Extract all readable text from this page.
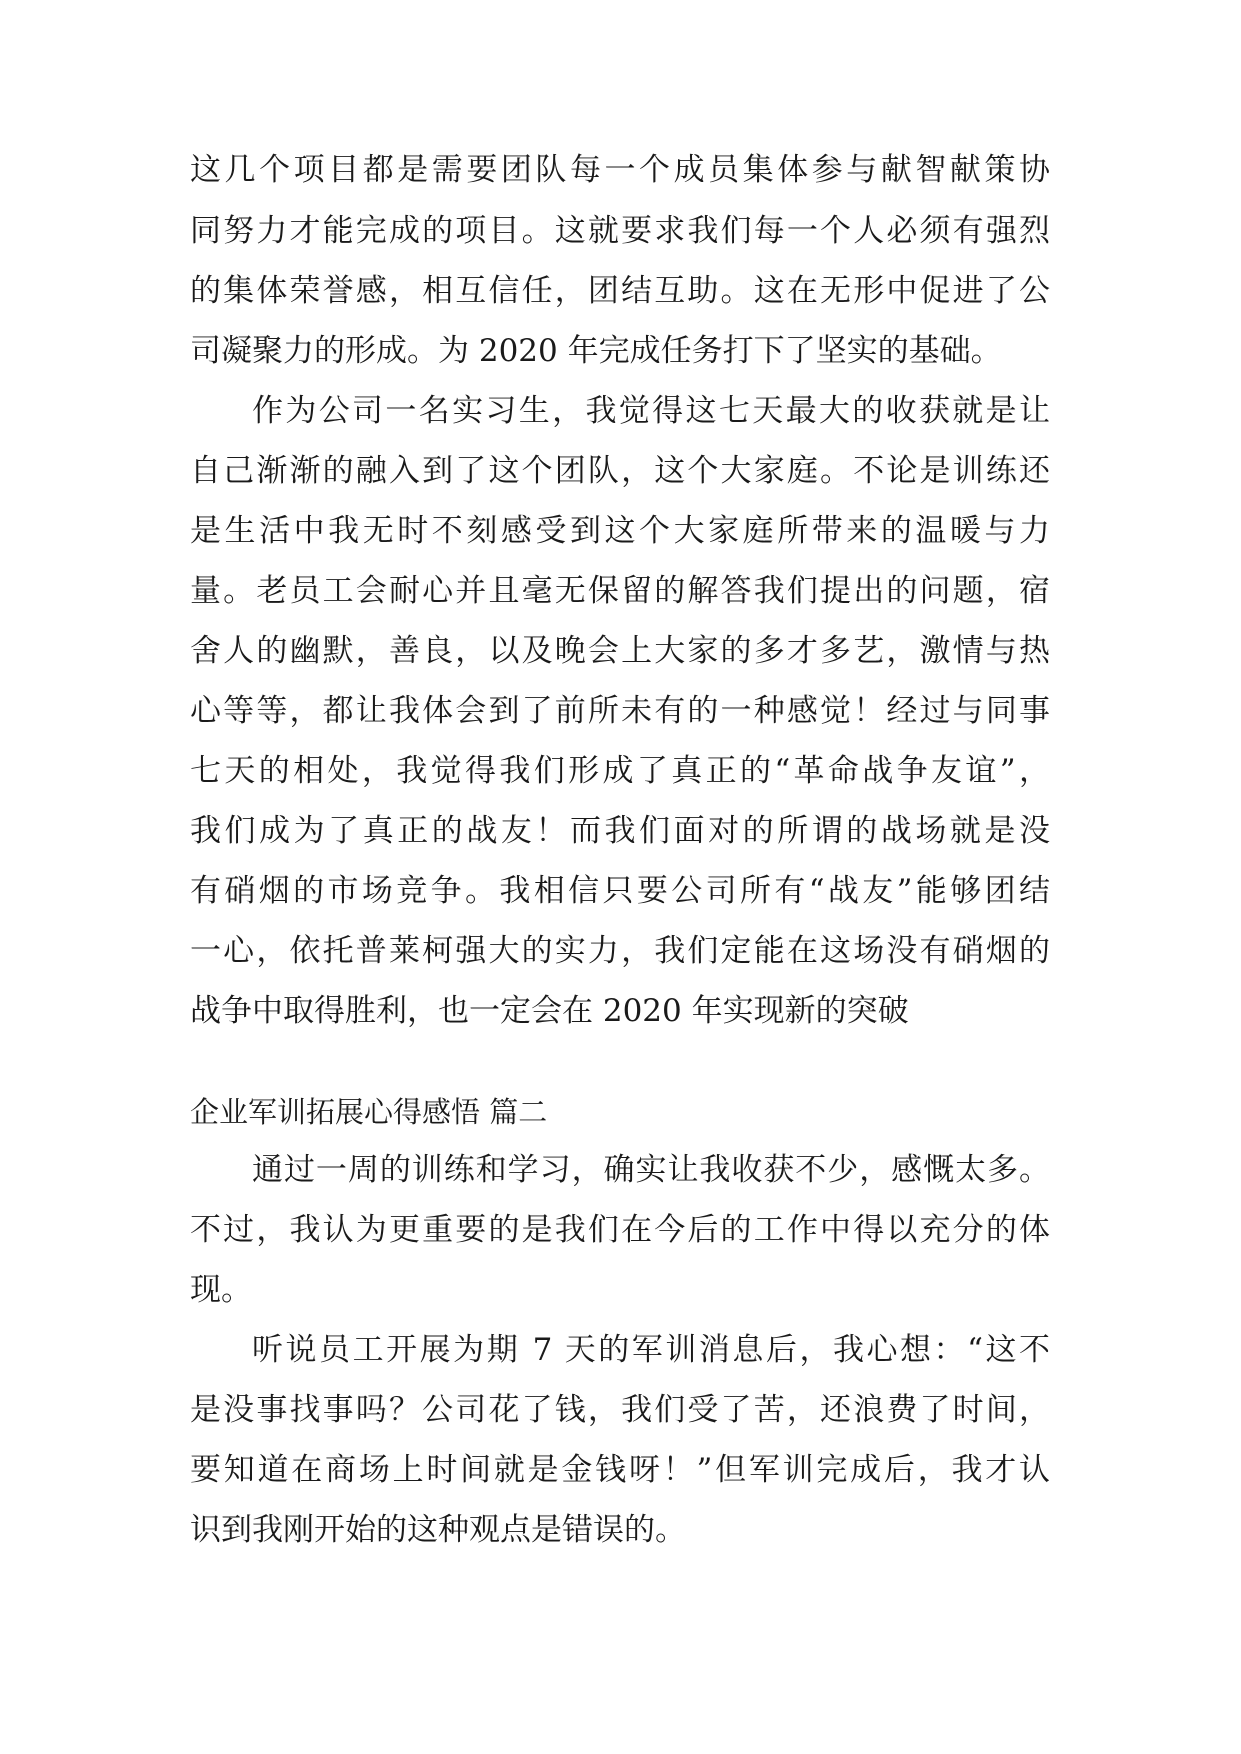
这几个项目都是需要团队每一个成员集体参与献智献策协
同努力才能完成的项目。这就要求我们每一个人必须有强烈
的集体荣誉感，相互信任，团结互助。这在无形中促进了公
司凝聚力的形成。为 2020 年完成任务打下了坚实的基础。
作为公司一名实习生，我觉得这七天最大的收获就是让
自己渐渐的融入到了这个团队，这个大家庭。不论是训练还
是生活中我无时不刻感受到这个大家庭所带来的温暖与力
量。老员工会耐心并且毫无保留的解答我们提出的问题，宿
舍人的幽默，善良，以及晚会上大家的多才多艺，激情与热
心等等，都让我体会到了前所未有的一种感觉！经过与同事
七天的相处，我觉得我们形成了真正的“革命战争友谊”，
我们成为了真正的战友！而我们面对的所谓的战场就是没
有硝烟的市场竞争。我相信只要公司所有“战友”能够团结
一心，依托普莱柯强大的实力，我们定能在这场没有硝烟的
战争中取得胜利，也一定会在 2020 年实现新的突破
企业军训拓展心得感悟 篇二
通过一周的训练和学习，确实让我收获不少，感慨太多。
不过，我认为更重要的是我们在今后的工作中得以充分的体
现。
听说员工开展为期 7 天的军训消息后，我心想：“这不
是没事找事吗？公司花了钱，我们受了苦，还浪费了时间，
要知道在商场上时间就是金钱呀！”但军训完成后，我才认
识到我刚开始的这种观点是错误的。
